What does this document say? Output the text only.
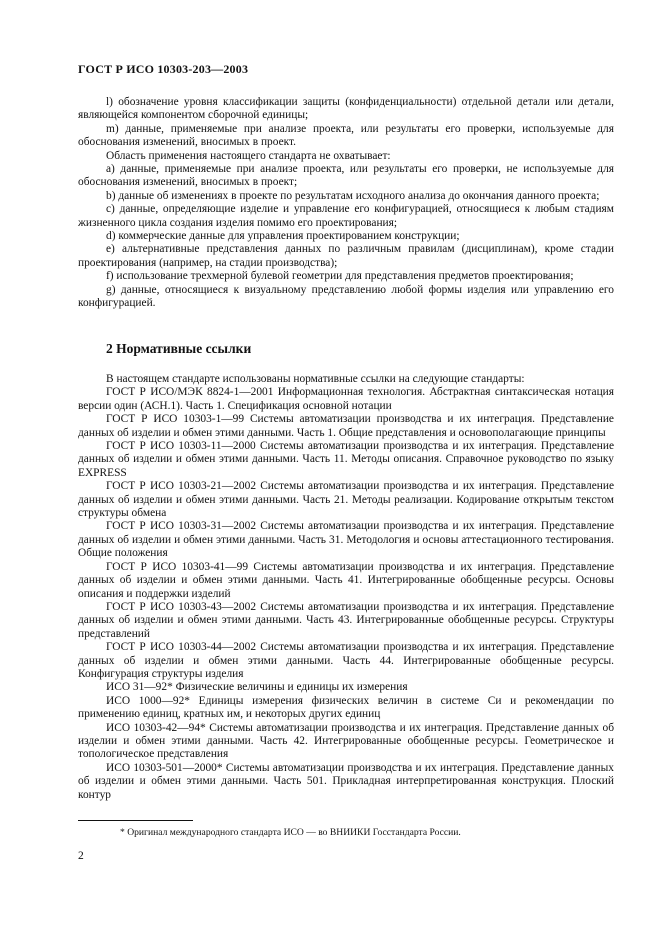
ГОСТ Р ИСО 10303-203—2003

l) обозначение уровня классификации защиты (конфиденциальности) отдельной детали или детали, являющейся компонентом сборочной единицы;

m) данные, применяемые при анализе проекта, или результаты его проверки, используемые для обоснования изменений, вносимых в проект.

Область применения настоящего стандарта не охватывает:

a) данные, применяемые при анализе проекта, или результаты его проверки, не используемые для обоснования изменений, вносимых в проект;

b) данные об изменениях в проекте по результатам исходного анализа до окончания данного проекта;

c) данные, определяющие изделие и управление его конфигурацией, относящиеся к любым стадиям жизненного цикла создания изделия помимо его проектирования;

d) коммерческие данные для управления проектированием конструкции;

e) альтернативные представления данных по различным правилам (дисциплинам), кроме стадии проектирования (например, на стадии производства);

f) использование трехмерной булевой геометрии для представления предметов проектирования;

g) данные, относящиеся к визуальному представлению любой формы изделия или управлению его конфигурацией.

2 Нормативные ссылки

В настоящем стандарте использованы нормативные ссылки на следующие стандарты:

ГОСТ Р ИСО/МЭК 8824-1—2001 Информационная технология. Абстрактная синтаксическая нотация версии один (АСН.1). Часть 1. Спецификация основной нотации

ГОСТ Р ИСО 10303-1—99 Системы автоматизации производства и их интеграция. Представление данных об изделии и обмен этими данными. Часть 1. Общие представления и основополагающие принципы

ГОСТ Р ИСО 10303-11—2000 Системы автоматизации производства и их интеграция. Представление данных об изделии и обмен этими данными. Часть 11. Методы описания. Справочное руководство по языку EXPRESS

ГОСТ Р ИСО 10303-21—2002 Системы автоматизации производства и их интеграция. Представление данных об изделии и обмен этими данными. Часть 21. Методы реализации. Кодирование открытым текстом структуры обмена

ГОСТ Р ИСО 10303-31—2002 Системы автоматизации производства и их интеграция. Представление данных об изделии и обмен этими данными. Часть 31. Методология и основы аттестационного тестирования. Общие положения

ГОСТ Р ИСО 10303-41—99 Системы автоматизации производства и их интеграция. Представление данных об изделии и обмен этими данными. Часть 41. Интегрированные обобщенные ресурсы. Основы описания и поддержки изделий

ГОСТ Р ИСО 10303-43—2002 Системы автоматизации производства и их интеграция. Представление данных об изделии и обмен этими данными. Часть 43. Интегрированные обобщенные ресурсы. Структуры представлений

ГОСТ Р ИСО 10303-44—2002 Системы автоматизации производства и их интеграция. Представление данных об изделии и обмен этими данными. Часть 44. Интегрированные обобщенные ресурсы. Конфигурация структуры изделия

ИСО 31—92* Физические величины и единицы их измерения

ИСО 1000—92* Единицы измерения физических величин в системе Си и рекомендации по применению единиц, кратных им, и некоторых других единиц

ИСО 10303-42—94* Системы автоматизации производства и их интеграция. Представление данных об изделии и обмен этими данными. Часть 42. Интегрированные обобщенные ресурсы. Геометрическое и топологическое представления

ИСО 10303-501—2000* Системы автоматизации производства и их интеграция. Представление данных об изделии и обмен этими данными. Часть 501. Прикладная интерпретированная конструкция. Плоский контур

* Оригинал международного стандарта ИСО — во ВНИИКИ Госстандарта России.
2
